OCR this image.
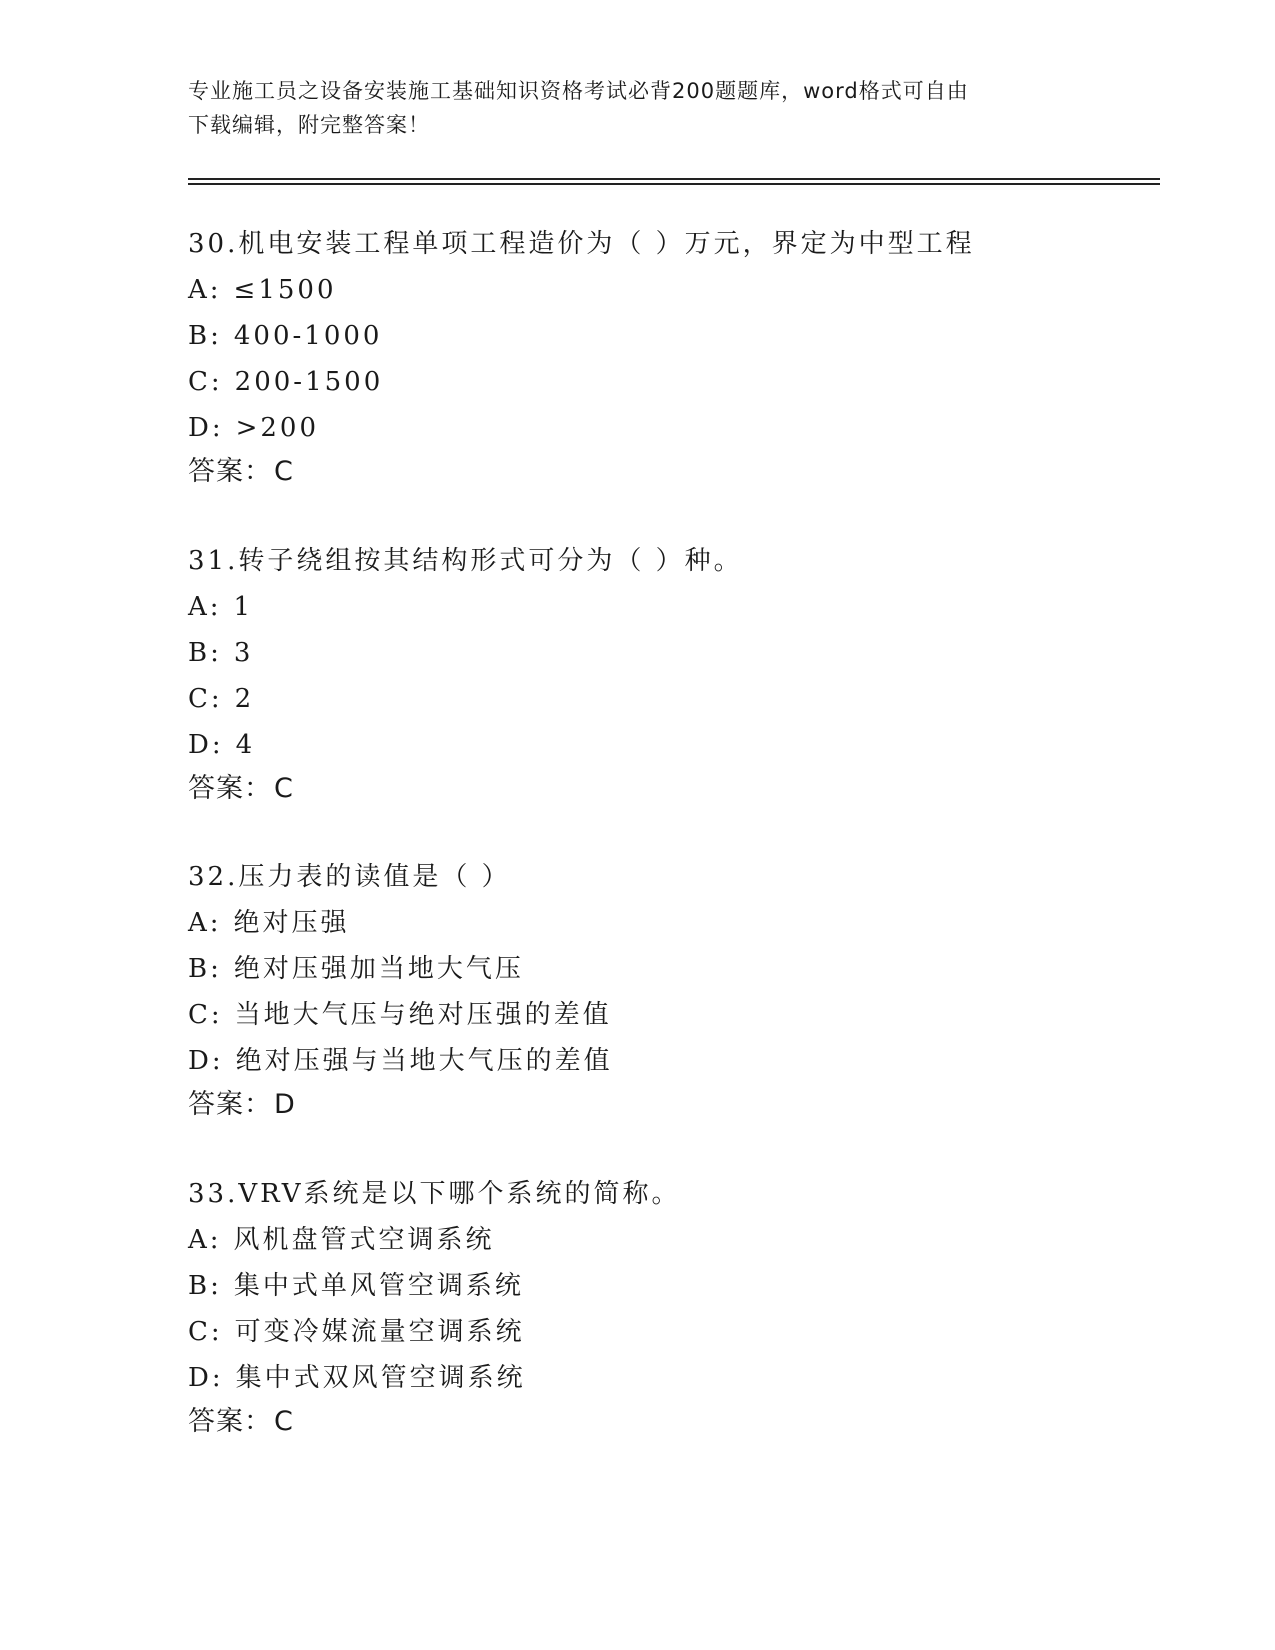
专业施工员之设备安装施工基础知识资格考试必背200题题库，word格式可自由
下载编辑，附完整答案！
30.机电安装工程单项工程造价为（ ）万元，界定为中型工程
A: ≤1500
B: 400-1000
C: 200-1500
D: >200
答案：C
31.转子绕组按其结构形式可分为（ ）种。
A: 1
B: 3
C: 2
D: 4
答案：C
32.压力表的读值是（ ）
A: 绝对压强
B: 绝对压强加当地大气压
C: 当地大气压与绝对压强的差值
D: 绝对压强与当地大气压的差值
答案：D
33.VRV系统是以下哪个系统的简称。
A: 风机盘管式空调系统
B: 集中式单风管空调系统
C: 可变冷媒流量空调系统
D: 集中式双风管空调系统
答案：C
